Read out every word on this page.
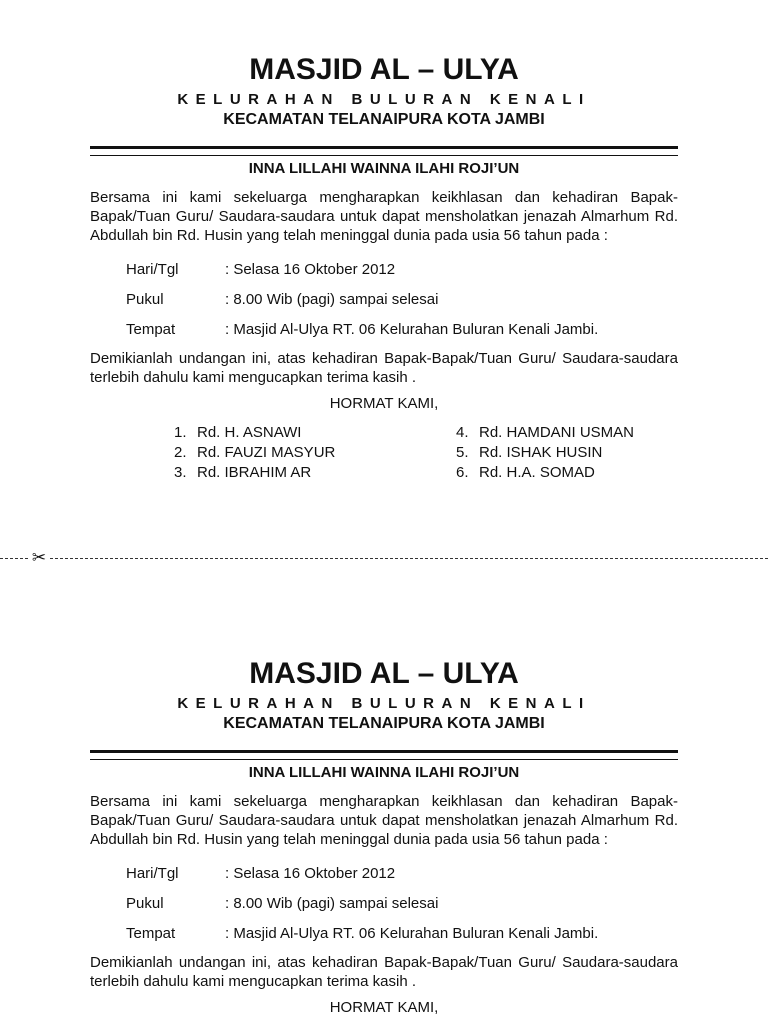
MASJID AL – ULYA

KELURAHAN BULURAN KENALI

KECAMATAN TELANAIPURA KOTA JAMBI

INNA LILLAHI WAINNA ILAHI ROJI’UN

Bersama ini kami sekeluarga mengharapkan keikhlasan dan kehadiran Bapak-Bapak/Tuan Guru/ Saudara-saudara untuk dapat mensholatkan jenazah Almarhum Rd. Abdullah bin Rd. Husin yang telah meninggal dunia pada usia 56 tahun pada :

Hari/Tgl	: Selasa 16 Oktober 2012
Pukul	: 8.00 Wib (pagi) sampai selesai
Tempat	: Masjid Al-Ulya RT. 06 Kelurahan Buluran Kenali Jambi.

Demikianlah undangan ini, atas kehadiran Bapak-Bapak/Tuan Guru/ Saudara-saudara terlebih dahulu kami mengucapkan terima kasih .

HORMAT KAMI,

1. Rd. H. ASNAWI
2. Rd. FAUZI MASYUR
3. Rd. IBRAHIM AR
4. Rd. HAMDANI USMAN
5. Rd. ISHAK HUSIN
6. Rd. H.A. SOMAD
✂
MASJID AL – ULYA

KELURAHAN BULURAN KENALI

KECAMATAN TELANAIPURA KOTA JAMBI

INNA LILLAHI WAINNA ILAHI ROJI’UN

Bersama ini kami sekeluarga mengharapkan keikhlasan dan kehadiran Bapak-Bapak/Tuan Guru/ Saudara-saudara untuk dapat mensholatkan jenazah Almarhum Rd. Abdullah bin Rd. Husin yang telah meninggal dunia pada usia 56 tahun pada :

Hari/Tgl	: Selasa 16 Oktober 2012
Pukul	: 8.00 Wib (pagi) sampai selesai
Tempat	: Masjid Al-Ulya RT. 06 Kelurahan Buluran Kenali Jambi.

Demikianlah undangan ini, atas kehadiran Bapak-Bapak/Tuan Guru/ Saudara-saudara terlebih dahulu kami mengucapkan terima kasih .

HORMAT KAMI,
